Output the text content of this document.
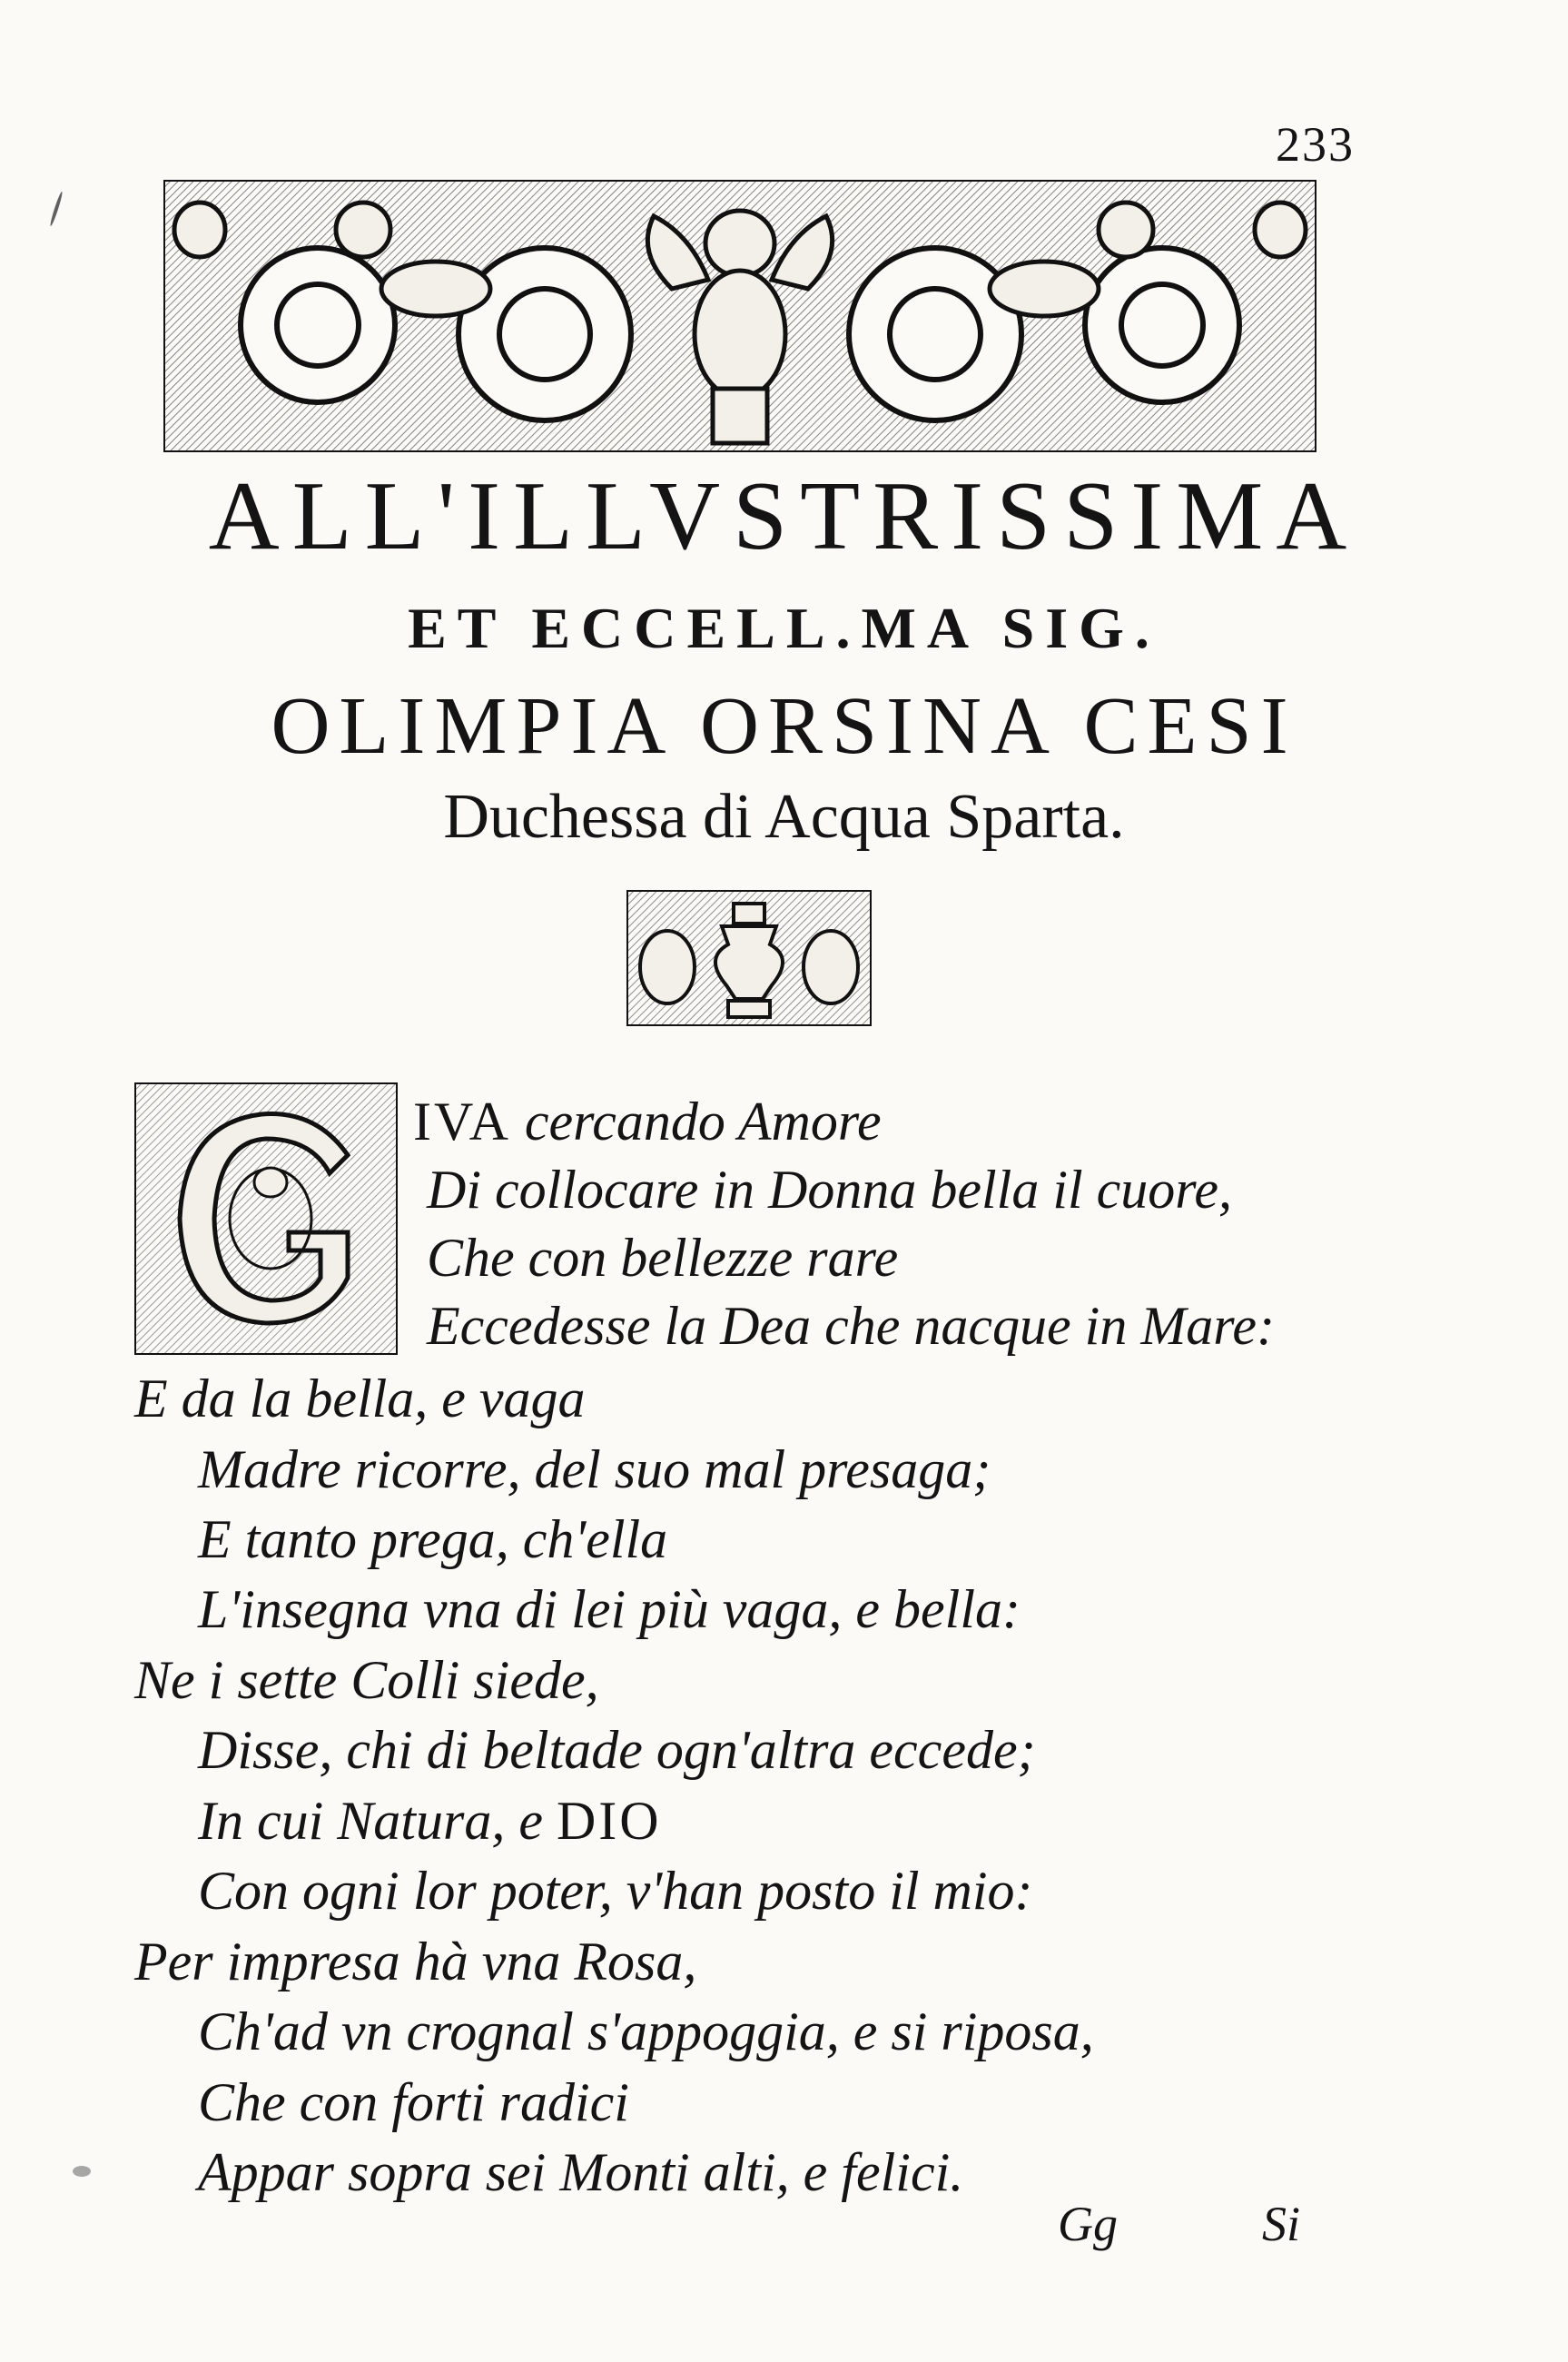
233
ALL'ILLVSTRISSIMA
ET ECCELL.MA SIG.
OLIMPIA ORSINA CESI
Duchessa di Acqua Sparta.
IVA cercando Amore
Di collocare in Donna bella il cuore,
Che con bellezze rare
Eccedesse la Dea che nacque in Mare:
E da la bella, e vaga
Madre ricorre, del suo mal presaga;
E tanto prega, ch'ella
L'insegna vna di lei più vaga, e bella:
Ne i sette Colli siede,
Disse, chi di beltade ogn'altra eccede;
In cui Natura, e DIO
Con ogni lor poter, v'han posto il mio:
Per impresa hà vna Rosa,
Ch'ad vn crognal s'appoggia, e si riposa,
Che con forti radici
Appar sopra sei Monti alti, e felici.
Gg	Si
